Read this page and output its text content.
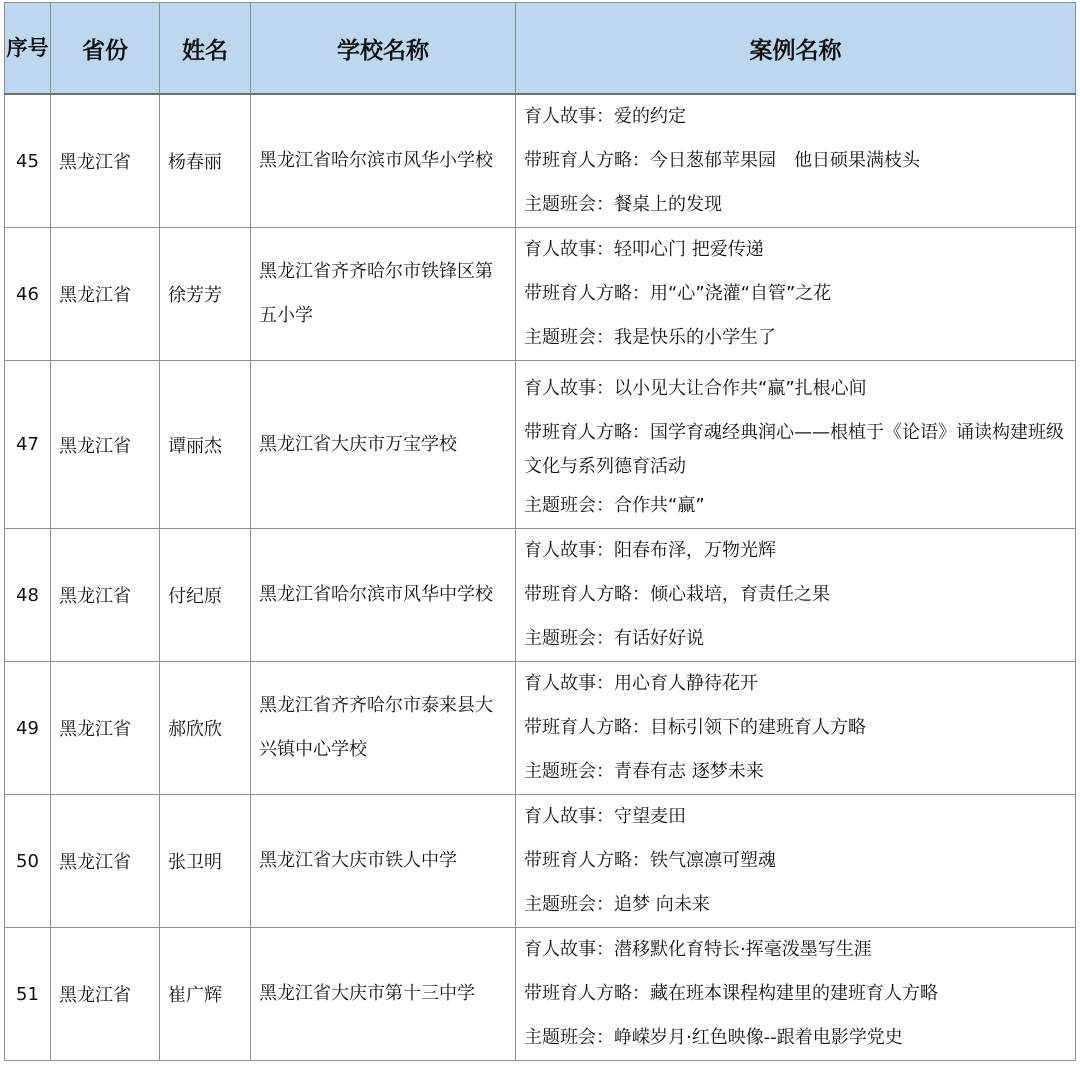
序号	省份	姓名	学校名称	案例名称
45	黑龙江省	杨春丽	黑龙江省哈尔滨市风华小学校	育人故事：爱的约定
带班育人方略：今日葱郁苹果园　他日硕果满枝头
主题班会：餐桌上的发现

46	黑龙江省	徐芳芳	黑龙江省齐齐哈尔市铁锋区第五小学	育人故事：轻叩心门 把爱传递
带班育人方略：用“心”浇灌“自管”之花
主题班会：我是快乐的小学生了

47	黑龙江省	谭丽杰	黑龙江省大庆市万宝学校	育人故事：以小见大让合作共“赢”扎根心间
带班育人方略：国学育魂经典润心——根植于《论语》诵读构建班级文化与系列德育活动
主题班会：合作共“赢”

48	黑龙江省	付纪原	黑龙江省哈尔滨市风华中学校	育人故事：阳春布泽，万物光辉
带班育人方略：倾心栽培，育责任之果
主题班会：有话好好说

49	黑龙江省	郝欣欣	黑龙江省齐齐哈尔市泰来县大兴镇中心学校	育人故事：用心育人静待花开
带班育人方略：目标引领下的建班育人方略
主题班会：青春有志 逐梦未来

50	黑龙江省	张卫明	黑龙江省大庆市铁人中学	育人故事：守望麦田
带班育人方略：铁气凛凛可塑魂
主题班会：追梦 向未来

51	黑龙江省	崔广辉	黑龙江省大庆市第十三中学	育人故事：潜移默化育特长·挥毫泼墨写生涯
带班育人方略：藏在班本课程构建里的建班育人方略
主题班会：峥嵘岁月·红色映像--跟着电影学党史
